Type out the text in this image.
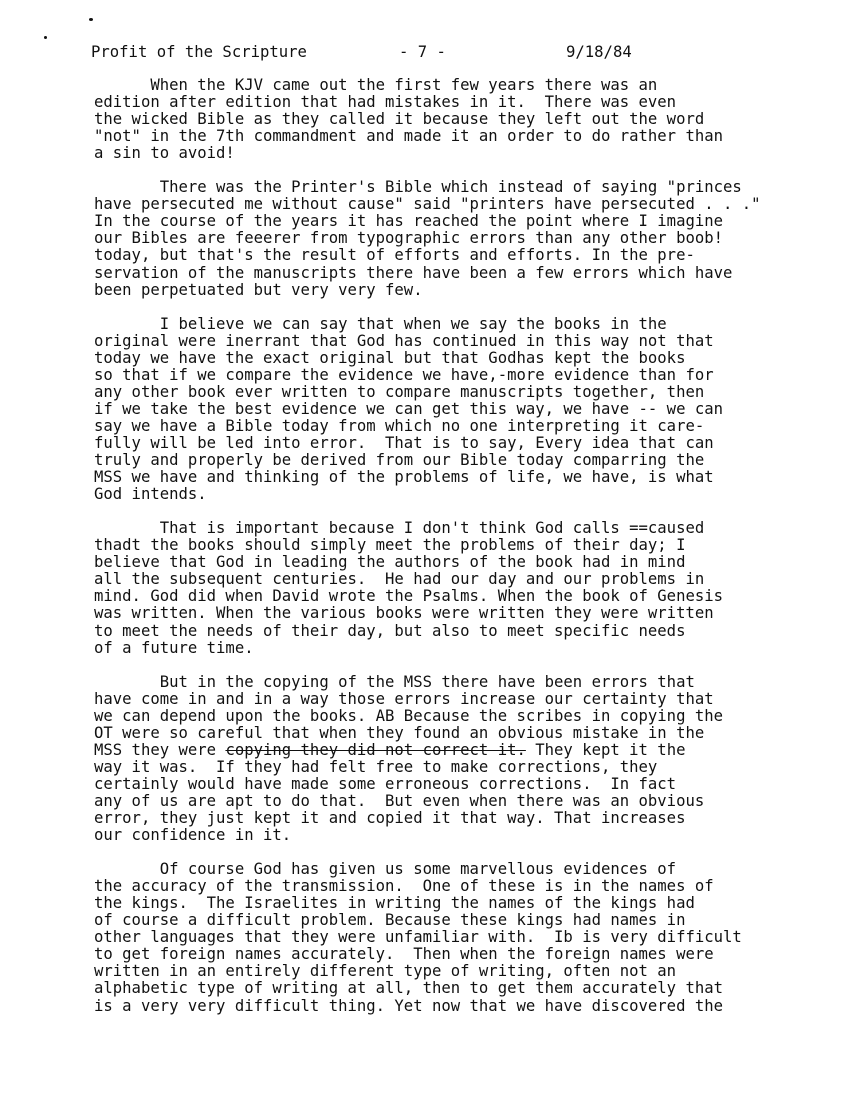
Profit of the Scripture

	- 7 -

	9/18/84

When the KJV came out the first few years there was an
edition after edition that had mistakes in it.  There was even
the wicked Bible as they called it because they left out the word
"not" in the 7th commandment and made it an order to do rather than
a sin to avoid!
There was the Printer's Bible which instead of saying "princes
have persecuted me without cause" said "printers have persecuted . . ."
In the course of the years it has reached the point where I imagine
our Bibles are feeerer from typographic errors than any other boob!
today, but that's the result of efforts and efforts. In the pre-
servation of the manuscripts there have been a few errors which have
been perpetuated but very very few.
I believe we can say that when we say the books in the
original were inerrant that God has continued in this way not that
today we have the exact original but that Godhas kept the books
so that if we compare the evidence we have,-more evidence than for
any other book ever written to compare manuscripts together, then
if we take the best evidence we can get this way, we have -- we can
say we have a Bible today from which no one interpreting it care-
fully will be led into error.  That is to say, Every idea that can
truly and properly be derived from our Bible today comparring the
MSS we have and thinking of the problems of life, we have, is what
God intends.
That is important because I don't think God calls ==caused
thadt the books should simply meet the problems of their day; I
believe that God in leading the authors of the book had in mind
all the subsequent centuries.  He had our day and our problems in
mind. God did when David wrote the Psalms. When the book of Genesis
was written. When the various books were written they were written
to meet the needs of their day, but also to meet specific needs
of a future time.
But in the copying of the MSS there have been errors that
have come in and in a way those errors increase our certainty that
we can depend upon the books. AB Because the scribes in copying the
OT were so careful that when they found an obvious mistake in the
MSS they were copying they did not correct it. They kept it the
way it was.  If they had felt free to make corrections, they
certainly would have made some erroneous corrections.  In fact
any of us are apt to do that.  But even when there was an obvious
error, they just kept it and copied it that way. That increases
our confidence in it.
Of course God has given us some marvellous evidences of
the accuracy of the transmission.  One of these is in the names of
the kings.  The Israelites in writing the names of the kings had
of course a difficult problem. Because these kings had names in
other languages that they were unfamiliar with.  Ib is very difficult
to get foreign names accurately.  Then when the foreign names were
written in an entirely different type of writing, often not an
alphabetic type of writing at all, then to get them accurately that
is a very very difficult thing. Yet now that we have discovered the
